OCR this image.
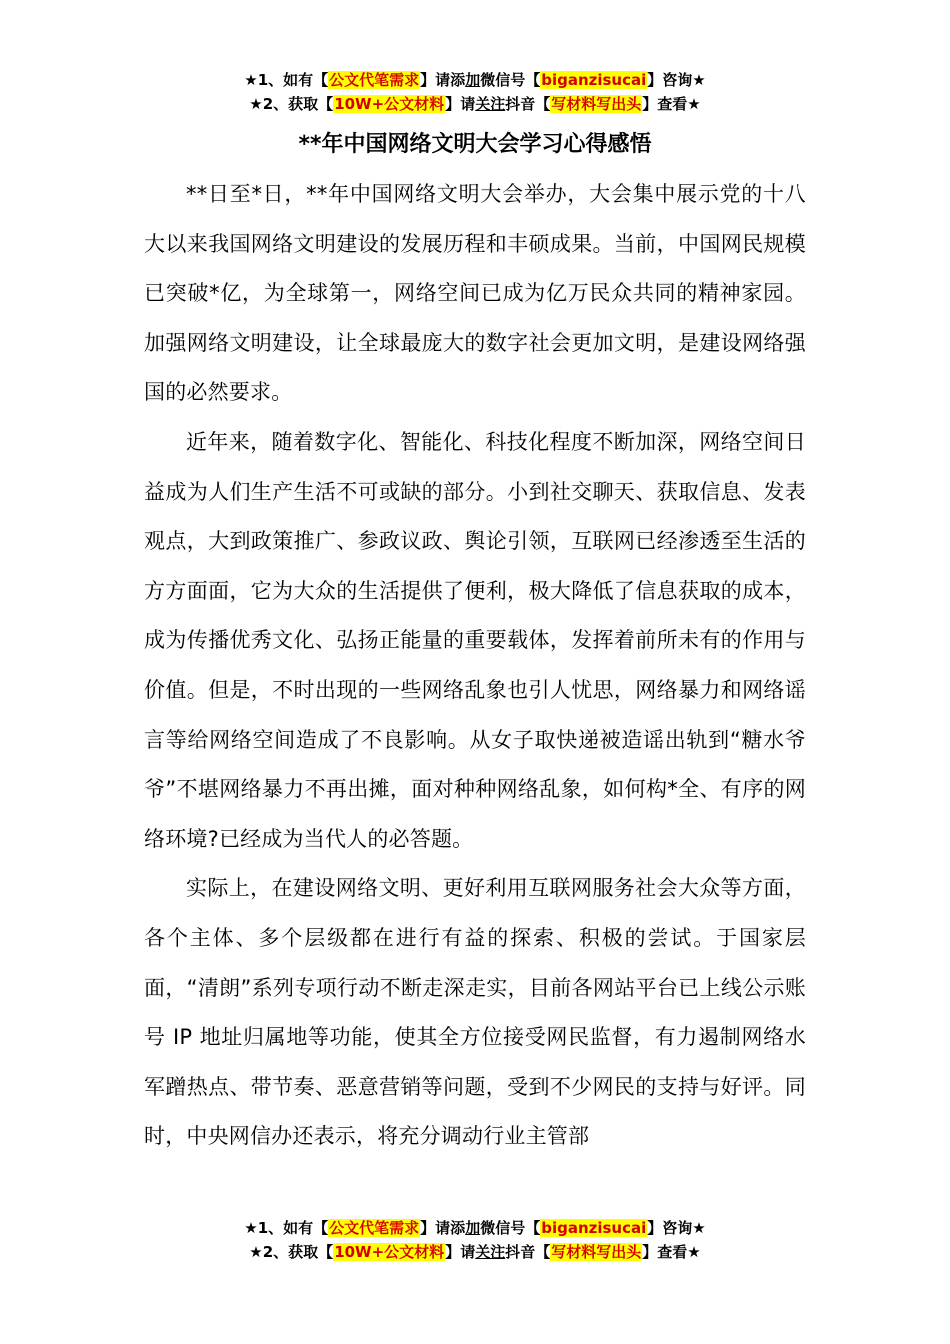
★1、如有【公文代笔需求】请添加微信号【biganzisucai】咨询★
★2、获取【10W+公文材料】请关注抖音【写材料写出头】查看★
**年中国网络文明大会学习心得感悟

**日至*日，**年中国网络文明大会举办，大会集中展示党的十八大以来我国网络文明建设的发展历程和丰硕成果。当前，中国网民规模已突破*亿，为全球第一，网络空间已成为亿万民众共同的精神家园。加强网络文明建设，让全球最庞大的数字社会更加文明，是建设网络强国的必然要求。

近年来，随着数字化、智能化、科技化程度不断加深，网络空间日益成为人们生产生活不可或缺的部分。小到社交聊天、获取信息、发表观点，大到政策推广、参政议政、舆论引领，互联网已经渗透至生活的方方面面，它为大众的生活提供了便利，极大降低了信息获取的成本，成为传播优秀文化、弘扬正能量的重要载体，发挥着前所未有的作用与价值。但是，不时出现的一些网络乱象也引人忧思，网络暴力和网络谣言等给网络空间造成了不良影响。从女子取快递被造谣出轨到“糖水爷爷”不堪网络暴力不再出摊，面对种种网络乱象，如何构*全、有序的网络环境?已经成为当代人的必答题。

实际上，在建设网络文明、更好利用互联网服务社会大众等方面，各个主体、多个层级都在进行有益的探索、积极的尝试。于国家层面，“清朗”系列专项行动不断走深走实，目前各网站平台已上线公示账号 IP 地址归属地等功能，使其全方位接受网民监督，有力遏制网络水军蹭热点、带节奏、恶意营销等问题，受到不少网民的支持与好评。同时，中央网信办还表示，将充分调动行业主管部

★1、如有【公文代笔需求】请添加微信号【biganzisucai】咨询★
★2、获取【10W+公文材料】请关注抖音【写材料写出头】查看★
